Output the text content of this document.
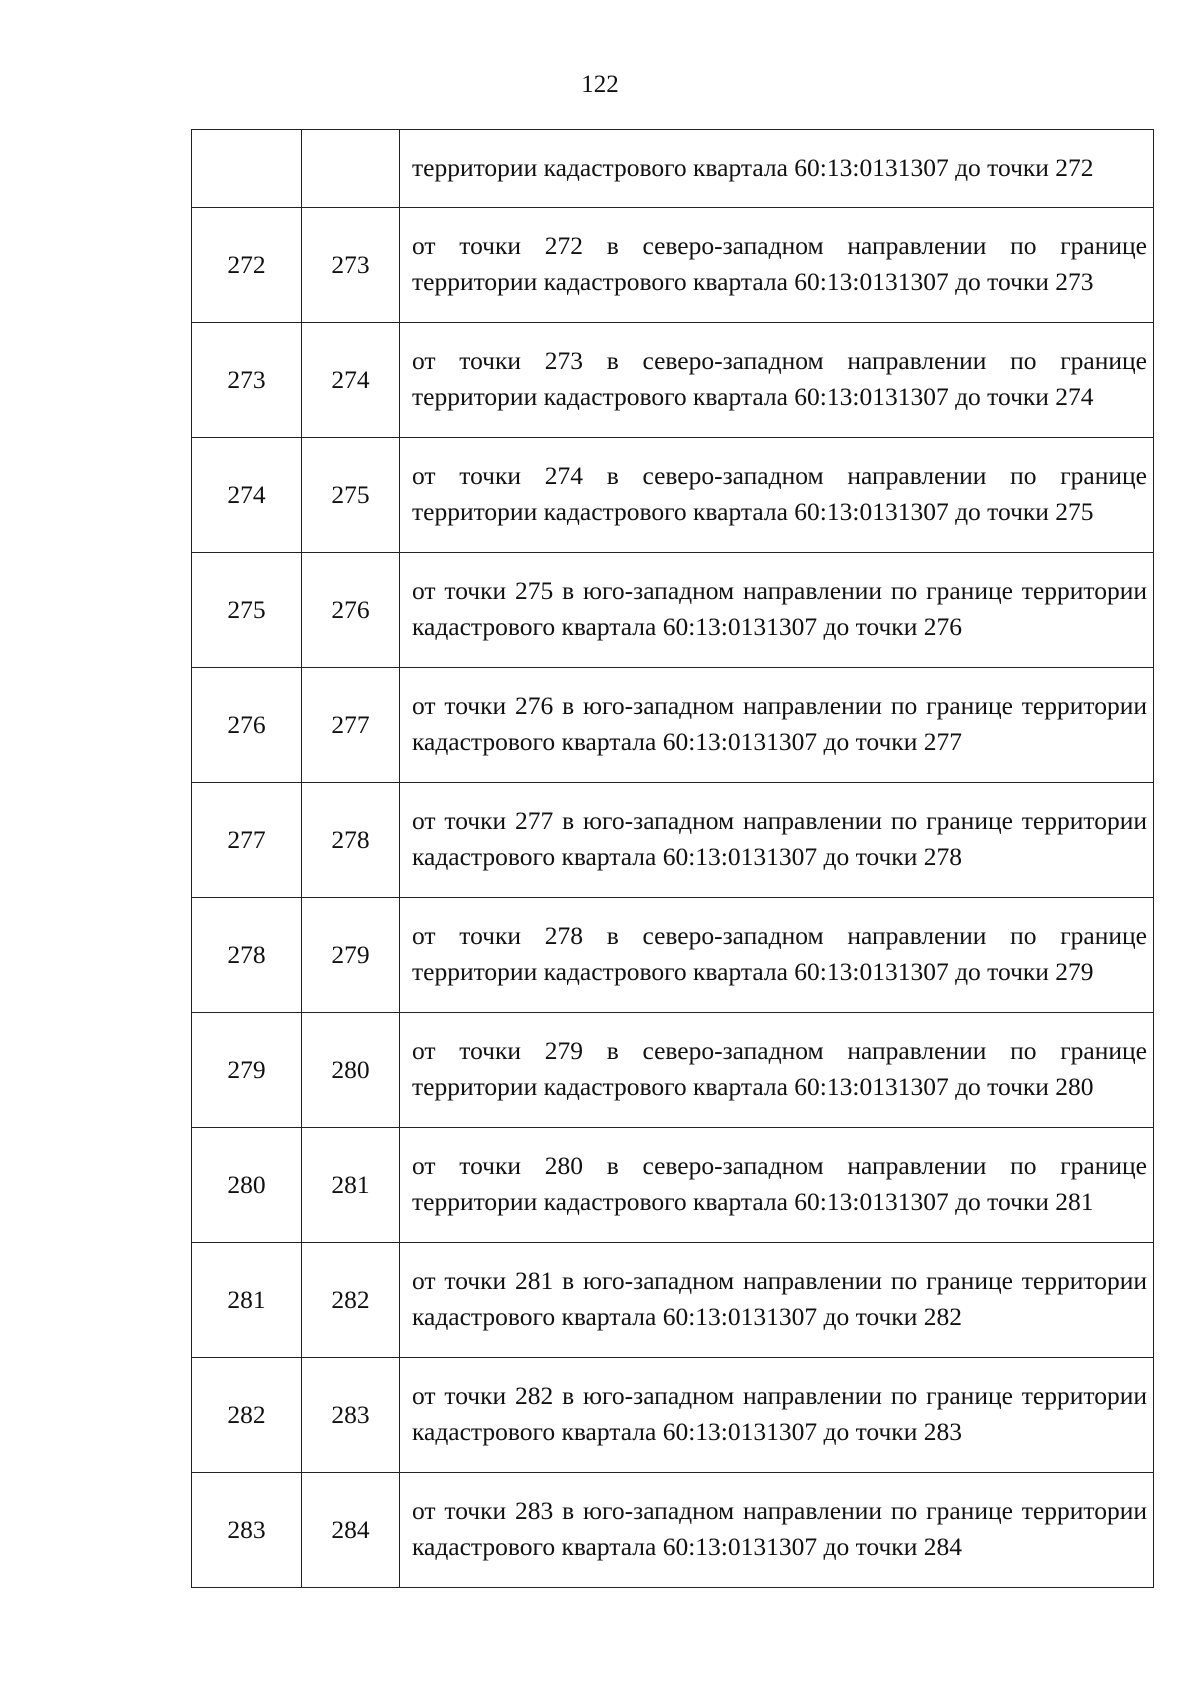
122
		территории кадастрового квартала 60:13:0131307 до точки 272
272	273	от точки 272 в северо-западном направлении по границе территории кадастрового квартала 60:13:0131307 до точки 273
273	274	от точки 273 в северо-западном направлении по границе территории кадастрового квартала 60:13:0131307 до точки 274
274	275	от точки 274 в северо-западном направлении по границе территории кадастрового квартала 60:13:0131307 до точки 275
275	276	от точки 275 в юго-западном направлении по границе территории кадастрового квартала 60:13:0131307 до точки 276
276	277	от точки 276 в юго-западном направлении по границе территории кадастрового квартала 60:13:0131307 до точки 277
277	278	от точки 277 в юго-западном направлении по границе территории кадастрового квартала 60:13:0131307 до точки 278
278	279	от точки 278 в северо-западном направлении по границе территории кадастрового квартала 60:13:0131307 до точки 279
279	280	от точки 279 в северо-западном направлении по границе территории кадастрового квартала 60:13:0131307 до точки 280
280	281	от точки 280 в северо-западном направлении по границе территории кадастрового квартала 60:13:0131307 до точки 281
281	282	от точки 281 в юго-западном направлении по границе территории кадастрового квартала 60:13:0131307 до точки 282
282	283	от точки 282 в юго-западном направлении по границе территории кадастрового квартала 60:13:0131307 до точки 283
283	284	от точки 283 в юго-западном направлении по границе территории кадастрового квартала 60:13:0131307 до точки 284
